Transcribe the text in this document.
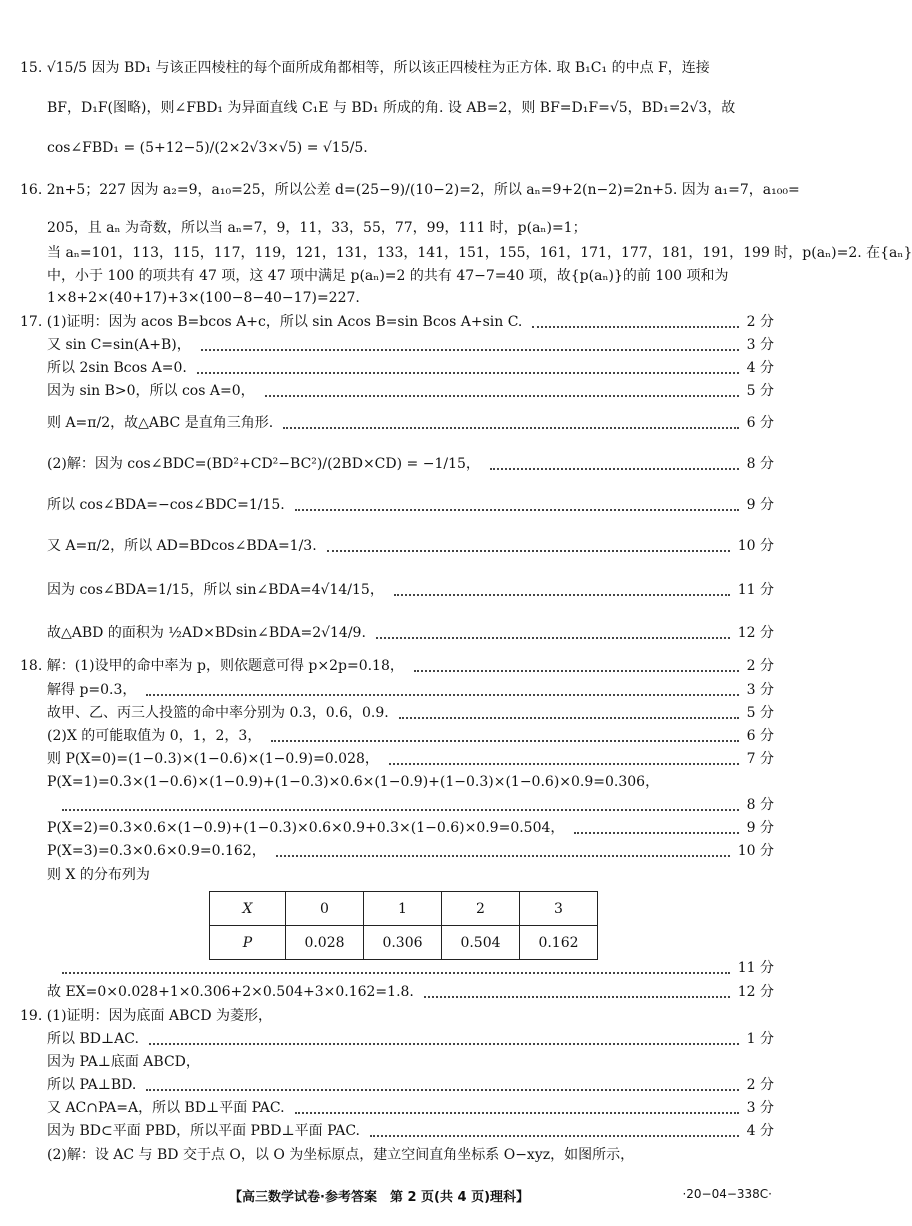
15. √15/5 因为 BD₁ 与该正四棱柱的每个面所成角都相等，所以该正四棱柱为正方体. 取 B₁C₁ 的中点 F，连接
BF，D₁F(图略)，则∠FBD₁ 为异面直线 C₁E 与 BD₁ 所成的角. 设 AB=2，则 BF=D₁F=√5，BD₁=2√3，故
cos∠FBD₁ = (5+12−5)/(2×2√3×√5) = √15/5.
16. 2n+5；227 因为 a₂=9，a₁₀=25，所以公差 d=(25−9)/(10−2)=2，所以 aₙ=9+2(n−2)=2n+5. 因为 a₁=7，a₁₀₀=
205，且 aₙ 为奇数，所以当 aₙ=7，9，11，33，55，77，99，111 时，p(aₙ)=1；
当 aₙ=101，113，115，117，119，121，131，133，141，151，155，161，171，177，181，191，199 时，p(aₙ)=2. 在{aₙ}
中，小于 100 的项共有 47 项，这 47 项中满足 p(aₙ)=2 的共有 47−7=40 项，故{p(aₙ)}的前 100 项和为
1×8+2×(40+17)+3×(100−8−40−17)=227.
17. (1)证明：因为 acos B=bcos A+c，所以 sin Acos B=sin Bcos A+sin C.	2 分
又 sin C=sin(A+B)，	3 分
所以 2sin Bcos A=0.	4 分
因为 sin B>0，所以 cos A=0，	5 分
则 A=π/2，故△ABC 是直角三角形.	6 分
(2)解：因为 cos∠BDC=(BD²+CD²−BC²)/(2BD×CD) = −1/15，	8 分
所以 cos∠BDA=−cos∠BDC=1/15.	9 分
又 A=π/2，所以 AD=BDcos∠BDA=1/3.	10 分
因为 cos∠BDA=1/15，所以 sin∠BDA=4√14/15，	11 分
故△ABD 的面积为 ½AD×BDsin∠BDA=2√14/9.	12 分
18. 解：(1)设甲的命中率为 p，则依题意可得 p×2p=0.18，	2 分
解得 p=0.3，	3 分
故甲、乙、丙三人投篮的命中率分别为 0.3，0.6，0.9.	5 分
(2)X 的可能取值为 0，1，2，3，	6 分
则 P(X=0)=(1−0.3)×(1−0.6)×(1−0.9)=0.028，	7 分
P(X=1)=0.3×(1−0.6)×(1−0.9)+(1−0.3)×0.6×(1−0.9)+(1−0.3)×(1−0.6)×0.9=0.306，
8 分
P(X=2)=0.3×0.6×(1−0.9)+(1−0.3)×0.6×0.9+0.3×(1−0.6)×0.9=0.504，	9 分
P(X=3)=0.3×0.6×0.9=0.162，	10 分
则 X 的分布列为
11 分
故 EX=0×0.028+1×0.306+2×0.504+3×0.162=1.8.	12 分
19. (1)证明：因为底面 ABCD 为菱形，
所以 BD⊥AC.	1 分
因为 PA⊥底面 ABCD，
所以 PA⊥BD.	2 分
又 AC∩PA=A，所以 BD⊥平面 PAC.	3 分
因为 BD⊂平面 PBD，所以平面 PBD⊥平面 PAC.	4 分
(2)解：设 AC 与 BD 交于点 O，以 O 为坐标原点，建立空间直角坐标系 O−xyz，如图所示，
X	0	1	2	3
P	0.028	0.306	0.504	0.162
【高三数学试卷·参考答案　第 2 页(共 4 页)理科】	·20−04−338C·
